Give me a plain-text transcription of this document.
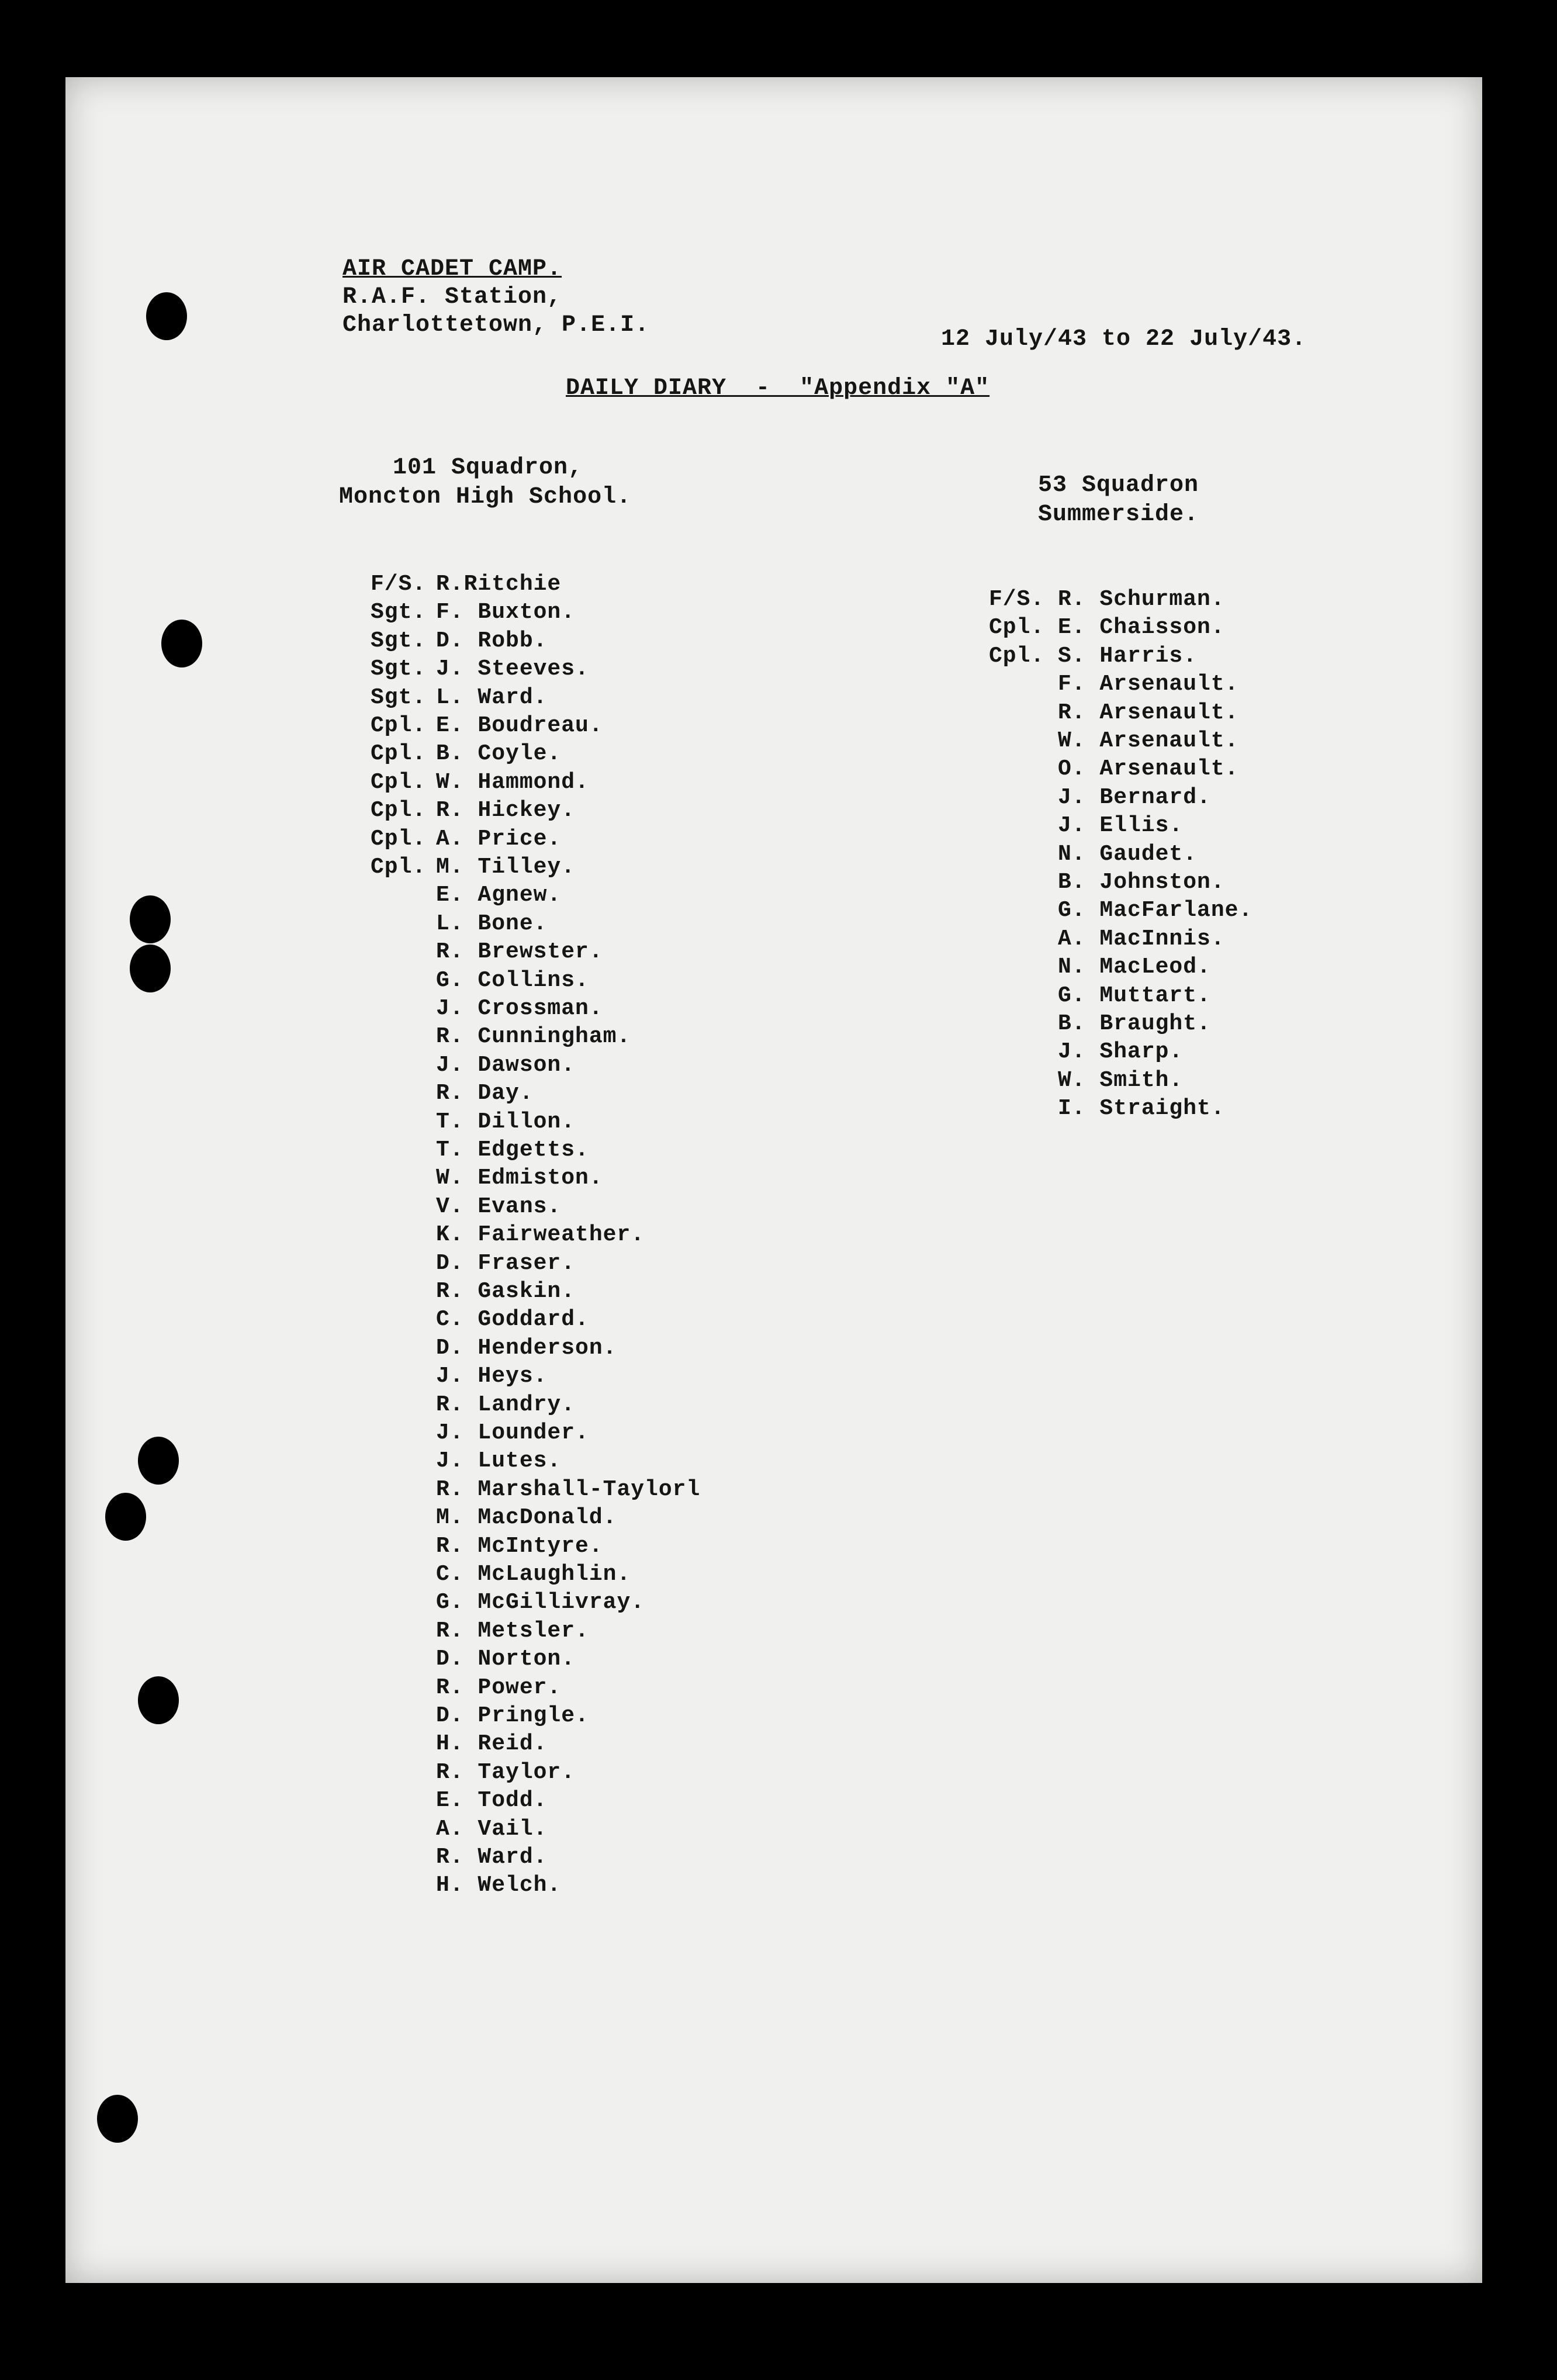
AIR CADET CAMP.
R.A.F. Station,
Charlottetown, P.E.I.
12 July/43 to 22 July/43.
DAILY DIARY  -  "Appendix "A"
101 Squadron,
Moncton High School.	53 Squadron
Summerside.
F/S. R.Ritchie
Sgt. F. Buxton.
Sgt. D. Robb.
Sgt. J. Steeves.
Sgt. L. Ward.
Cpl. E. Boudreau.
Cpl. B. Coyle.
Cpl. W. Hammond.
Cpl. R. Hickey.
Cpl. A. Price.
Cpl. M. Tilley.
E. Agnew.
L. Bone.
R. Brewster.
G. Collins.
J. Crossman.
R. Cunningham.
J. Dawson.
R. Day.
T. Dillon.
T. Edgetts.
W. Edmiston.
V. Evans.
K. Fairweather.
D. Fraser.
R. Gaskin.
C. Goddard.
D. Henderson.
J. Heys.
R. Landry.
J. Lounder.
J. Lutes.
R. Marshall-Taylorl
M. MacDonald.
R. McIntyre.
C. McLaughlin.
G. McGillivray.
R. Metsler.
D. Norton.
R. Power.
D. Pringle.
H. Reid.
R. Taylor.
E. Todd.
A. Vail.
R. Ward.
H. Welch.
F/S. R. Schurman.
Cpl. E. Chaisson.
Cpl. S. Harris.
F. Arsenault.
R. Arsenault.
W. Arsenault.
O. Arsenault.
J. Bernard.
J. Ellis.
N. Gaudet.
B. Johnston.
G. MacFarlane.
A. MacInnis.
N. MacLeod.
G. Muttart.
B. Braught.
J. Sharp.
W. Smith.
I. Straight.
